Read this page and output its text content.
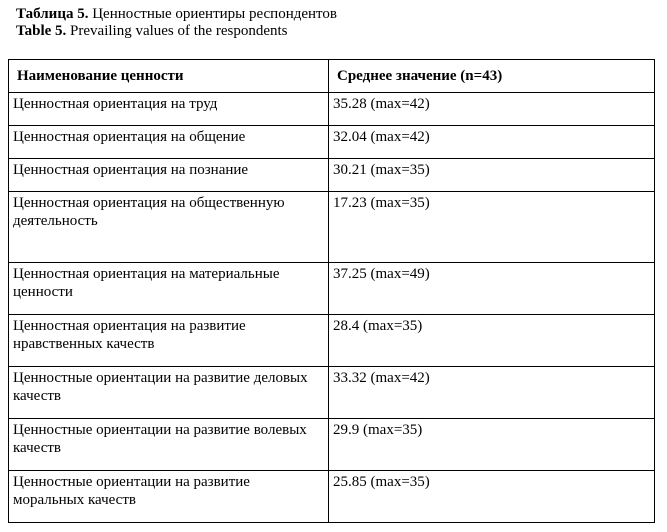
Таблица 5. Ценностные ориентиры респондентов
Table 5. Prevailing values of the respondents
Наименование ценности	Среднее значение (n=43)
Ценностная ориентация на труд	35.28 (max=42)
Ценностная ориентация на общение	32.04 (max=42)
Ценностная ориентация на познание	30.21 (max=35)
Ценностная ориентация на общественную деятельность	17.23 (max=35)
Ценностная ориентация на материальные ценности	37.25 (max=49)
Ценностная ориентация на развитие нравственных качеств	28.4 (max=35)
Ценностные ориентации на развитие деловых качеств	33.32 (max=42)
Ценностные ориентации на развитие волевых качеств	29.9 (max=35)
Ценностные ориентации на развитие моральных качеств	25.85 (max=35)
